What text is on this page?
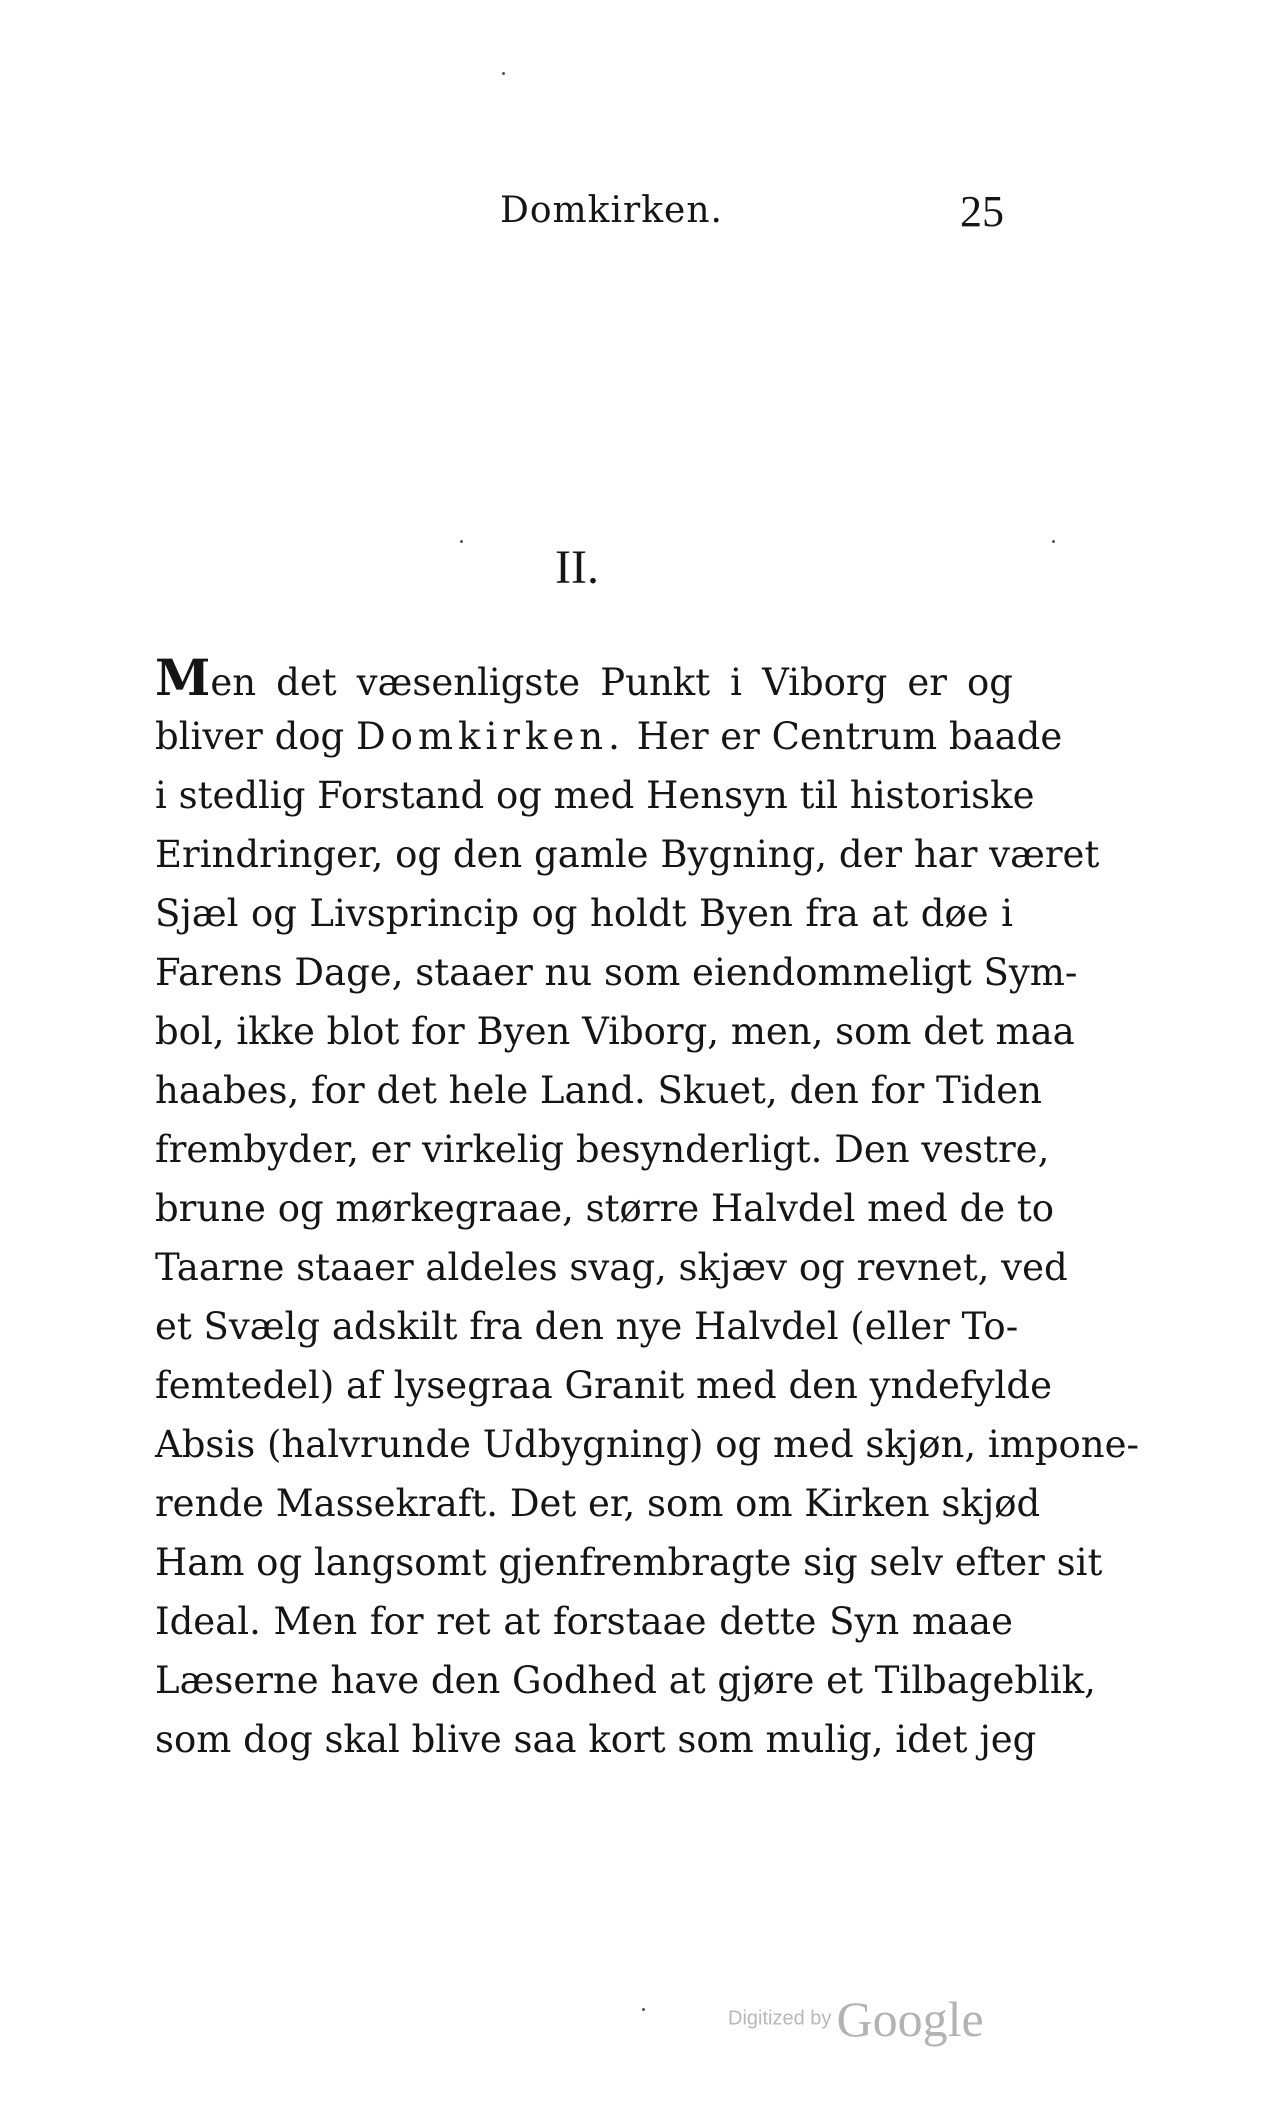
Domkirken.	25
II.
Men det væsenligste Punkt i Viborg er og
bliver dog Domkirken. Her er Centrum baade
i stedlig Forstand og med Hensyn til historiske
Erindringer, og den gamle Bygning, der har været
Sjæl og Livsprincip og holdt Byen fra at døe i
Farens Dage, staaer nu som eiendommeligt Sym-
bol, ikke blot for Byen Viborg, men, som det maa
haabes, for det hele Land. Skuet, den for Tiden
frembyder, er virkelig besynderligt. Den vestre,
brune og mørkegraae, større Halvdel med de to
Taarne staaer aldeles svag, skjæv og revnet, ved
et Svælg adskilt fra den nye Halvdel (eller To-
femtedel) af lysegraa Granit med den yndefylde
Absis (halvrunde Udbygning) og med skjøn, impone-
rende Massekraft. Det er, som om Kirken skjød
Ham og langsomt gjenfrembragte sig selv efter sit
Ideal. Men for ret at forstaae dette Syn maae
Læserne have den Godhed at gjøre et Tilbageblik,
som dog skal blive saa kort som mulig, idet jeg
Digitized by Google
